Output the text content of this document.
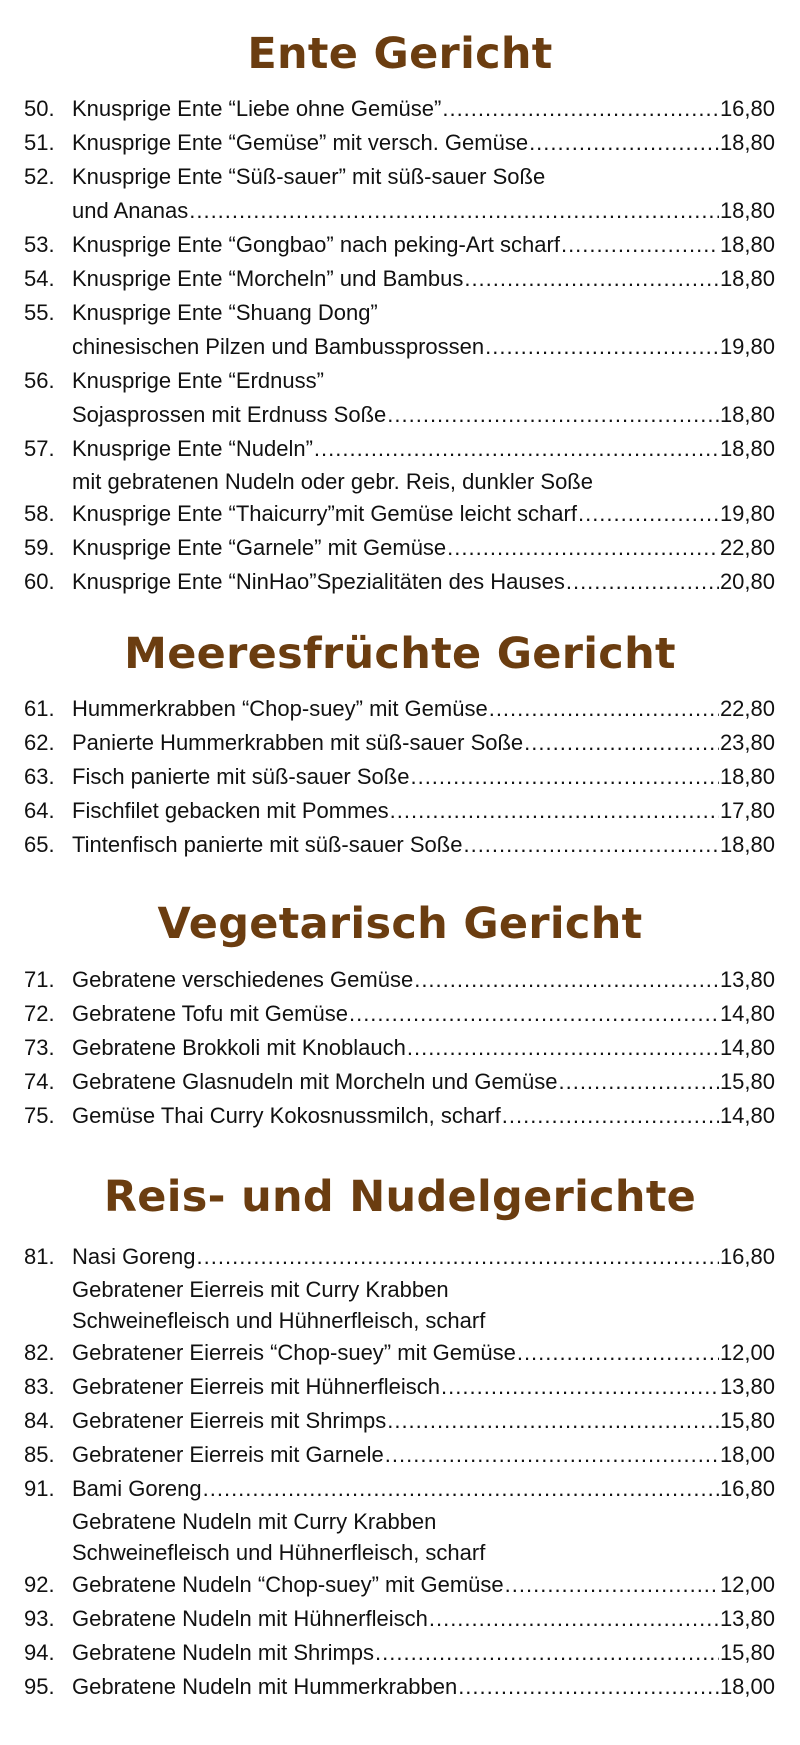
Ente Gericht
50. Knusprige Ente “Liebe ohne Gemüse” .....	16,80
51. Knusprige Ente “Gemüse” mit versch. Gemüse .....	18,80
52. Knusprige Ente “Süß-sauer” mit süß-sauer Soße
und Ananas .....	18,80
53. Knusprige Ente “Gongbao” nach peking-Art scharf .....	18,80
54. Knusprige Ente “Morcheln” und Bambus .....	18,80
55. Knusprige Ente “Shuang Dong”
chinesischen Pilzen und Bambussprossen .....	19,80
56. Knusprige Ente “Erdnuss”
Sojasprossen mit Erdnuss Soße .....	18,80
57. Knusprige Ente “Nudeln” .....	18,80
mit gebratenen Nudeln oder gebr. Reis, dunkler Soße
58. Knusprige Ente “Thaicurry”mit Gemüse leicht scharf .....	19,80
59. Knusprige Ente “Garnele” mit Gemüse .....	22,80
60. Knusprige Ente “NinHao”Spezialitäten des Hauses .....	20,80
Meeresfrüchte Gericht
61. Hummerkrabben “Chop-suey” mit Gemüse .....	22,80
62. Panierte Hummerkrabben mit süß-sauer Soße .....	23,80
63. Fisch panierte mit süß-sauer Soße .....	18,80
64. Fischfilet gebacken mit Pommes .....	17,80
65. Tintenfisch panierte mit süß-sauer Soße .....	18,80
Vegetarisch Gericht
71. Gebratene verschiedenes Gemüse .....	13,80
72. Gebratene Tofu mit Gemüse .....	14,80
73. Gebratene Brokkoli mit Knoblauch .....	14,80
74. Gebratene Glasnudeln mit Morcheln und Gemüse .....	15,80
75. Gemüse Thai Curry Kokosnussmilch, scharf .....	14,80
Reis- und Nudelgerichte
81. Nasi Goreng .....	16,80
Gebratener Eierreis mit Curry Krabben
Schweinefleisch und Hühnerfleisch, scharf
82. Gebratener Eierreis “Chop-suey” mit Gemüse .....	12,00
83. Gebratener Eierreis mit Hühnerfleisch .....	13,80
84. Gebratener Eierreis mit Shrimps .....	15,80
85. Gebratener Eierreis mit Garnele .....	18,00
91. Bami Goreng .....	16,80
Gebratene Nudeln mit Curry Krabben
Schweinefleisch und Hühnerfleisch, scharf
92. Gebratene Nudeln “Chop-suey” mit Gemüse .....	12,00
93. Gebratene Nudeln mit Hühnerfleisch .....	13,80
94. Gebratene Nudeln mit Shrimps .....	15,80
95. Gebratene Nudeln mit Hummerkrabben .....	18,00
